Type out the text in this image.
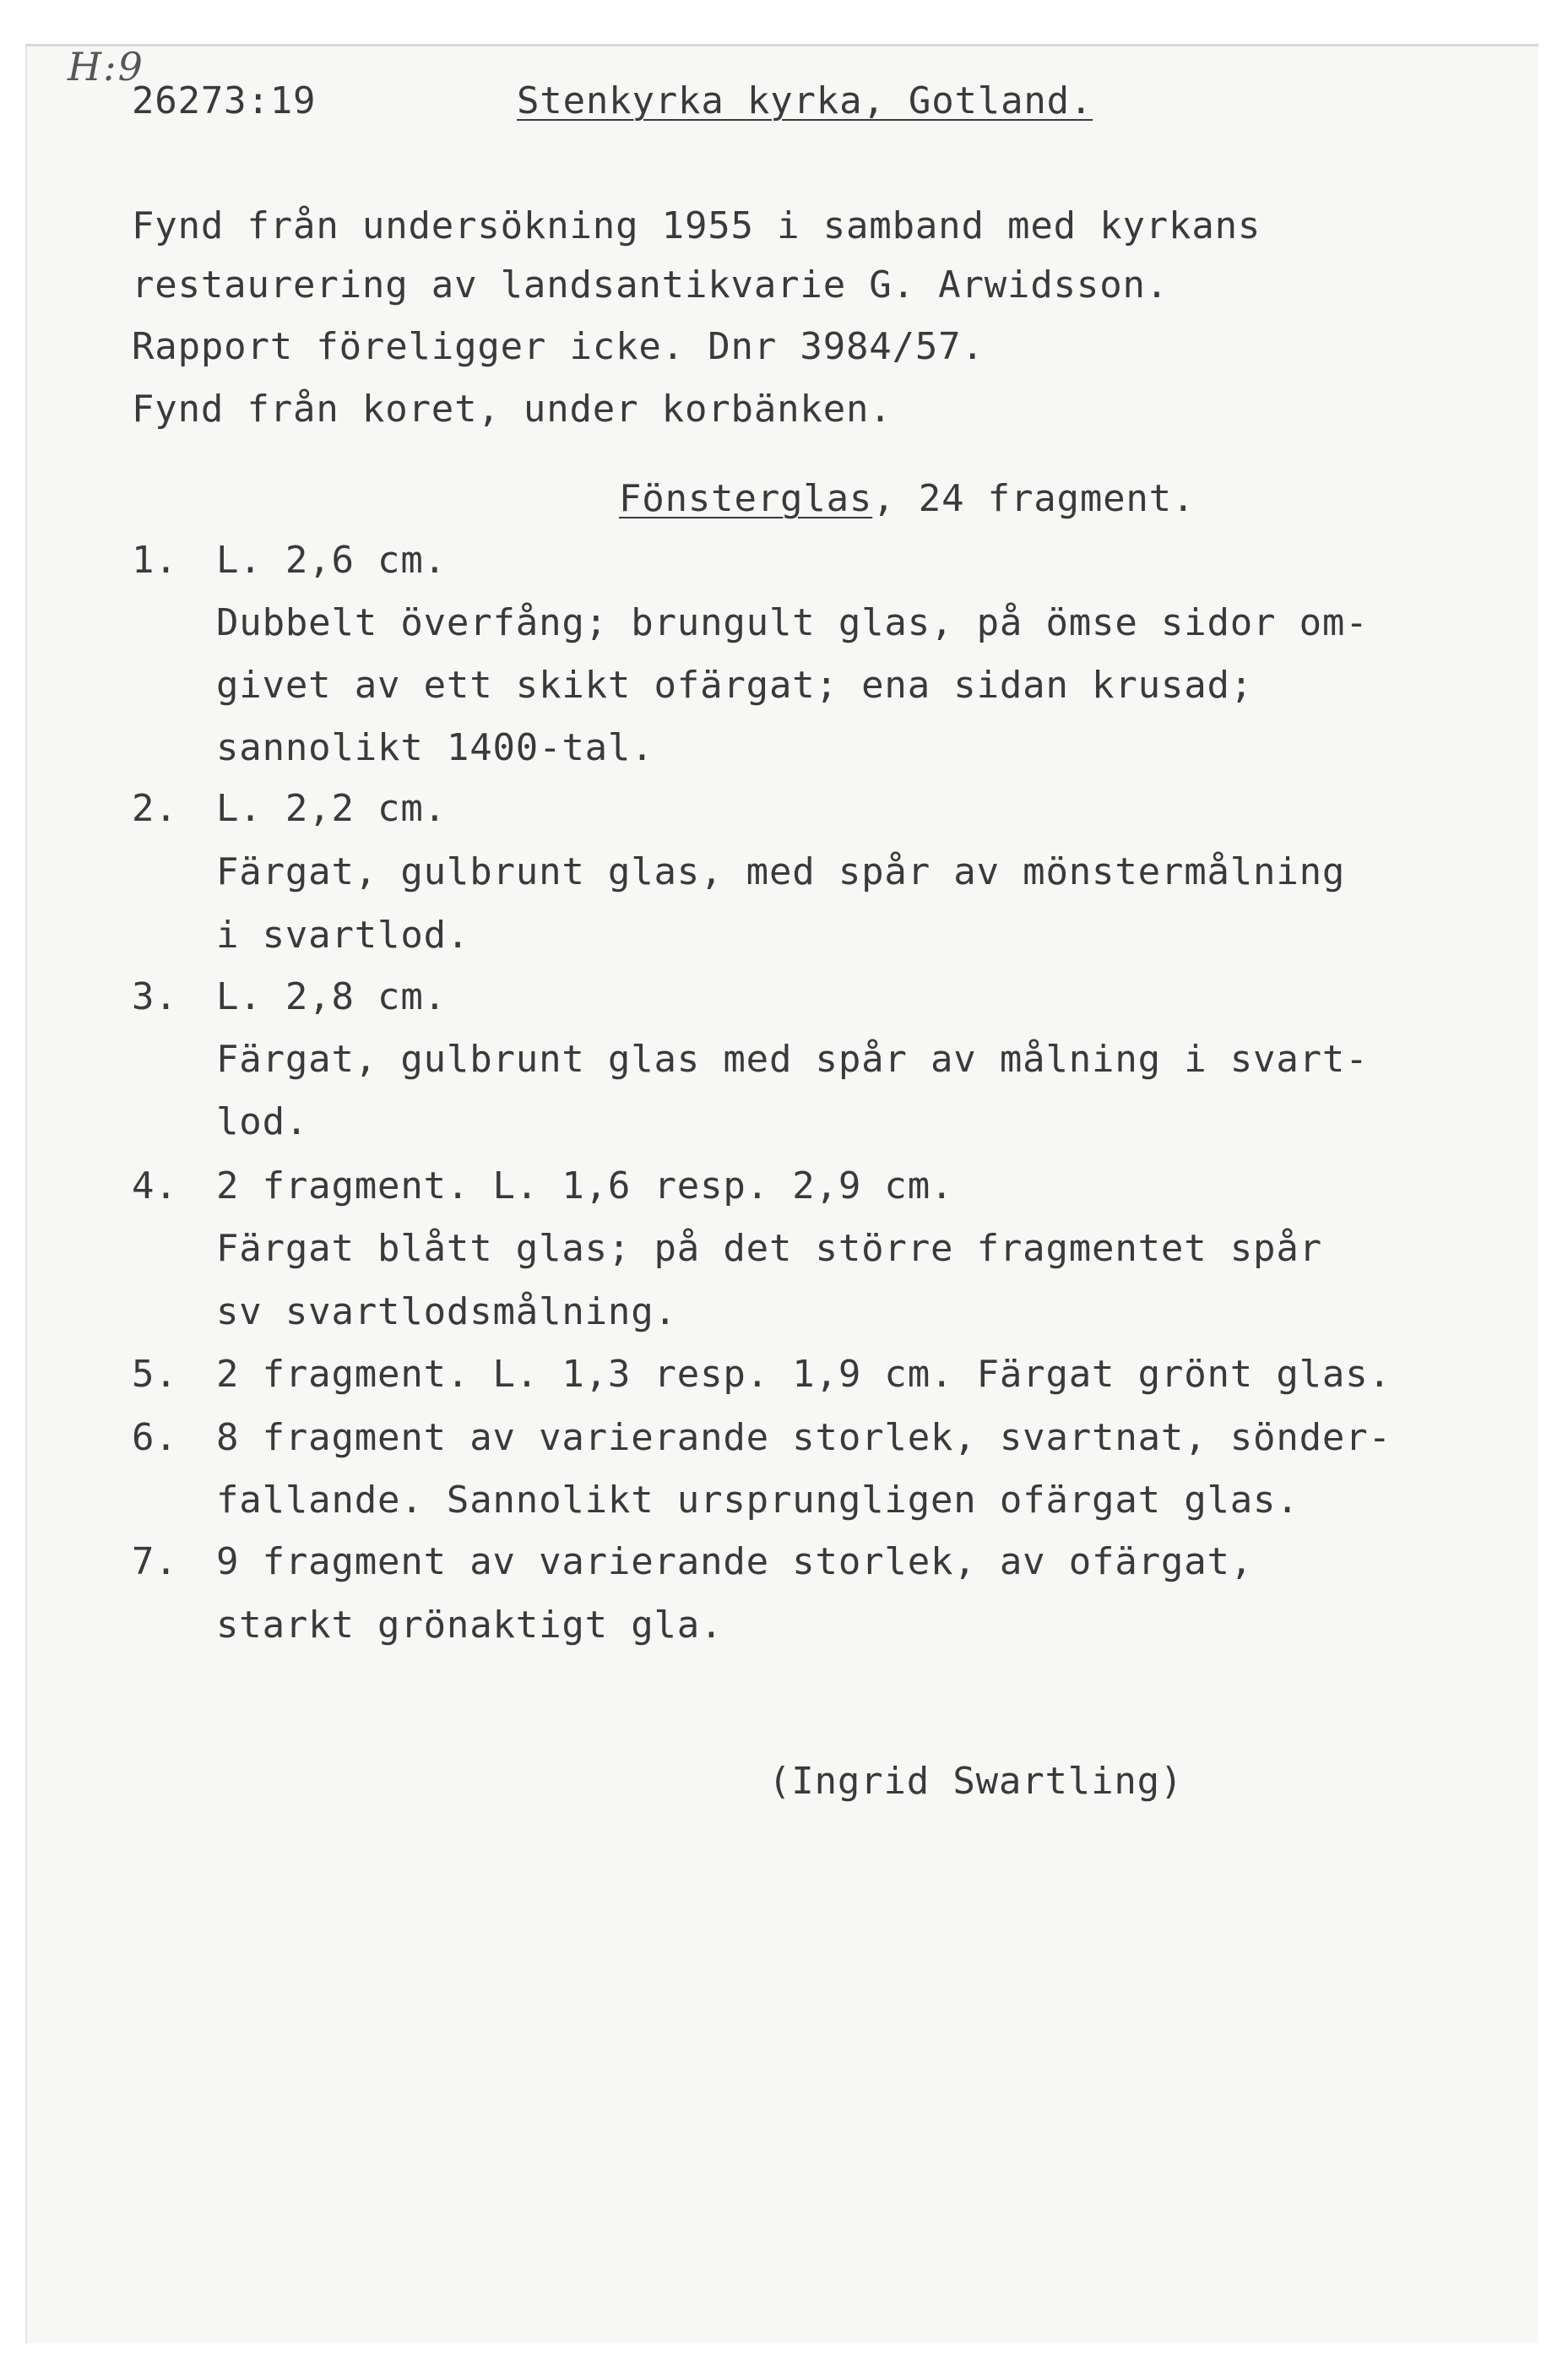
H:9
26273:19	Stenkyrka kyrka, Gotland.
Fynd från undersökning 1955 i samband med kyrkans
restaurering av landsantikvarie G. Arwidsson.
Rapport föreligger icke. Dnr 3984/57.
Fynd från koret, under korbänken.
Fönsterglas, 24 fragment.
1. L. 2,6 cm.
Dubbelt överfång; brungult glas, på ömse sidor om-
givet av ett skikt ofärgat; ena sidan krusad;
sannolikt 1400-tal.
2. L. 2,2 cm.
Färgat, gulbrunt glas, med spår av mönstermålning
i svartlod.
3. L. 2,8 cm.
Färgat, gulbrunt glas med spår av målning i svart-
lod.
4. 2 fragment. L. 1,6 resp. 2,9 cm.
Färgat blått glas; på det större fragmentet spår
sv svartlodsmålning.
5. 2 fragment. L. 1,3 resp. 1,9 cm. Färgat grönt glas.
6. 8 fragment av varierande storlek, svartnat, sönder-
fallande. Sannolikt ursprungligen ofärgat glas.
7. 9 fragment av varierande storlek, av ofärgat,
starkt grönaktigt gla.
(Ingrid Swartling)
